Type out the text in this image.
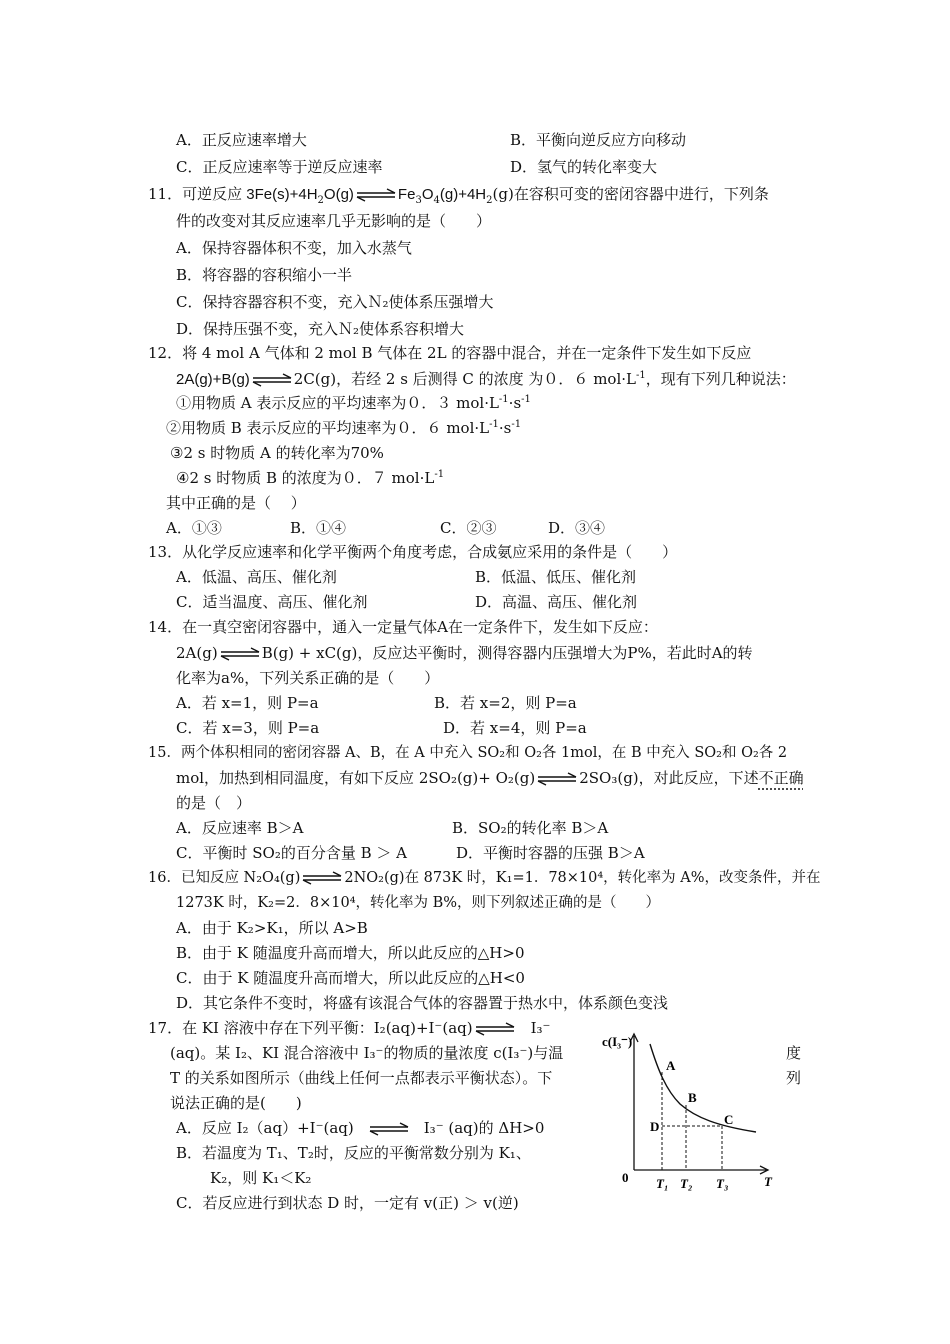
A．正反应速率增大	B．平衡向逆反应方向移动
C．正反应速率等于逆反应速率	D．氢气的转化率变大
11．可逆反应 $3Fe(s)+4H_2O(g)$	$Fe_3O_4(g)+4H_2(g)$在容积可变的密闭容器中进行，下列条
件的改变对其反应速率几乎无影响的是（　　）
A．保持容器体积不变，加入水蒸气
B．将容器的容积缩小一半
C．保持容器容积不变，充入Ｎ₂使体系压强增大
D．保持压强不变，充入Ｎ₂使体系容积增大
12．将 4 mol A 气体和 2 mol B 气体在 2L 的容器中混合，并在一定条件下发生如下反应
2A(g)+B(g)	2C(g)，若经 2 s 后测得 C 的浓度 为０．６ $mol\cdot L^{-1}$，现有下列几种说法：
①用物质 A 表示反应的平均速率为０．３ $mol\cdot L^{-1}\cdot s^{-1}$
②用物质 B 表示反应的平均速率为０．６ $mol\cdot L^{-1}\cdot s^{-1}$
③2 s 时物质 A 的转化率为70%
④2 s 时物质 B 的浓度为０．７ $mol\cdot L^{-1}$
其中正确的是（　 ）
A．①③	B．①④	C．②③	D．③④
13．从化学反应速率和化学平衡两个角度考虑，合成氨应采用的条件是（　　）
A．低温、高压、催化剂	B．低温、低压、催化剂
C．适当温度、高压、催化剂	D．高温、高压、催化剂
14．在一真空密闭容器中，通入一定量气体A在一定条件下，发生如下反应：
2A(g)	B(g) + xC(g)，反应达平衡时，测得容器内压强增大为P%，若此时A的转
化率为a%，下列关系正确的是（　　）
A．若 x=1，则 P=a	B．若 x=2，则 P=a
C．若 x=3，则 P=a	D．若 x=4，则 P=a
15．两个体积相同的密闭容器 A、B，在 A 中充入 SO₂和 O₂各 1mol，在 B 中充入 SO₂和 O₂各 2
mol，加热到相同温度，有如下反应 2SO₂(g)+ O₂(g)	2SO₃(g)，对此反应，下述不正确
的是（　）
A．反应速率 B＞A	B．SO₂的转化率 B＞A
C．平衡时 SO₂的百分含量 B ＞ A	D．平衡时容器的压强 B＞A
16．已知反应 N₂O₄(g)	2NO₂(g)在 873K 时，K₁=1．78×10⁴，转化率为 A%，改变条件，并在
1273K 时，K₂=2．8×10⁴，转化率为 B%，则下列叙述正确的是（　　）
A．由于 K₂>K₁，所以 A>B
B．由于 K 随温度升高而增大，所以此反应的△H>0
C．由于 K 随温度升高而增大，所以此反应的△H<0
D．其它条件不变时，将盛有该混合气体的容器置于热水中，体系颜色变浅
17．在 KI 溶液中存在下列平衡：I₂(aq)+I⁻(aq)	I₃⁻
(aq)。某 I₂、KI 混合溶液中 I₃⁻的物质的量浓度 c(I₃⁻)与温	度
T 的关系如图所示（曲线上任何一点都表示平衡状态）。下	列
说法正确的是(　　)
A．反应 I₂（aq）+I⁻(aq)	I₃⁻ (aq)的 ΔH>0
B．若温度为 T₁、T₂时，反应的平衡常数分别为 K₁、
K₂，则 K₁＜K₂
C．若反应进行到状态 D 时，一定有 v(正) ＞ v(逆)
c(I₃⁻)
T
0
A
B
C
D
T₁ T₂ T₃
